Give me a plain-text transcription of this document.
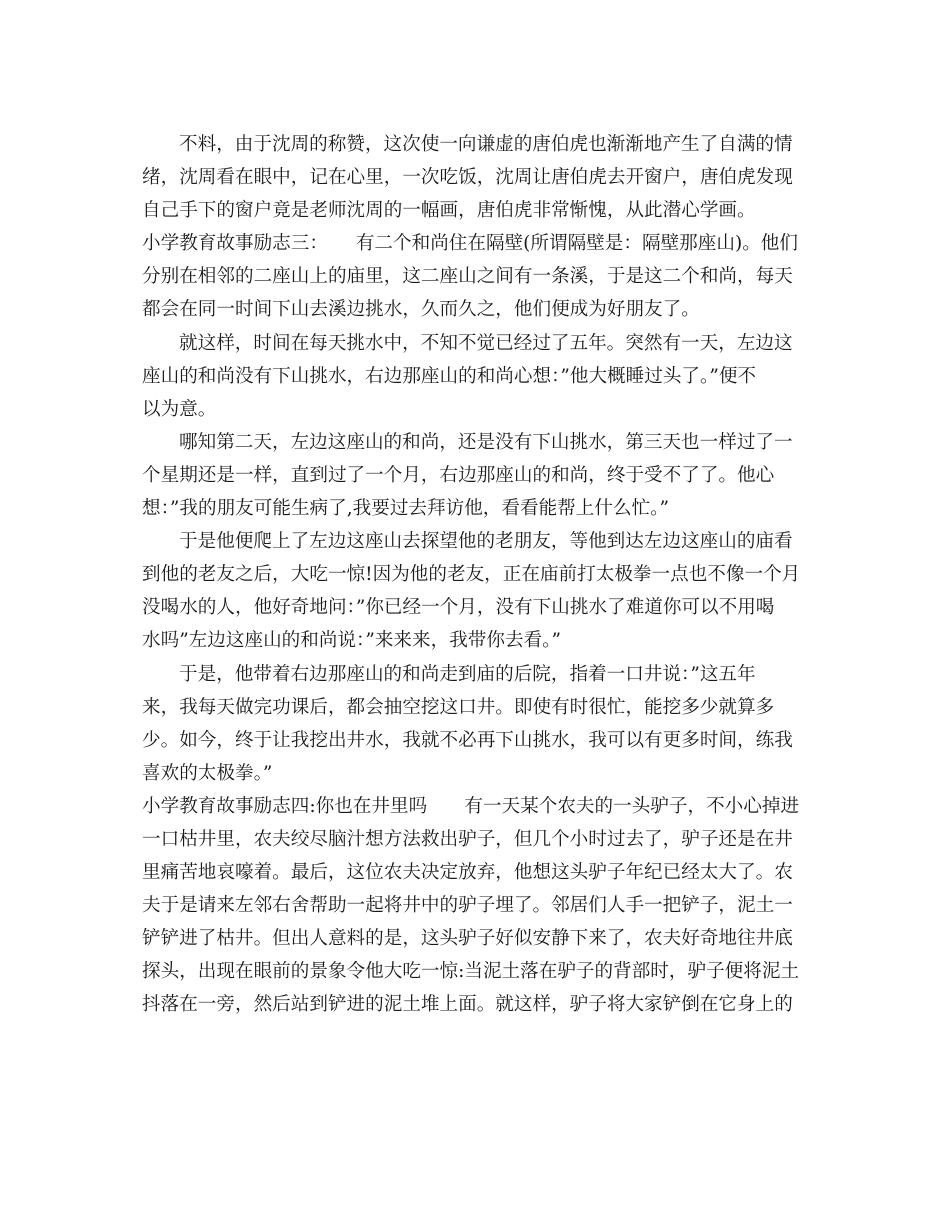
不料，由于沈周的称赞，这次使一向谦虚的唐伯虎也渐渐地产生了自满的情
绪，沈周看在眼中，记在心里，一次吃饭，沈周让唐伯虎去开窗户，唐伯虎发现
自己手下的窗户竟是老师沈周的一幅画，唐伯虎非常惭愧，从此潜心学画。
小学教育故事励志三：　　有二个和尚住在隔壁(所谓隔壁是：隔壁那座山)。他们
分别在相邻的二座山上的庙里，这二座山之间有一条溪，于是这二个和尚，每天
都会在同一时间下山去溪边挑水，久而久之，他们便成为好朋友了。
就这样，时间在每天挑水中，不知不觉已经过了五年。突然有一天，左边这
座山的和尚没有下山挑水，右边那座山的和尚心想：”他大概睡过头了。”便不
以为意。
哪知第二天，左边这座山的和尚，还是没有下山挑水，第三天也一样过了一
个星期还是一样，直到过了一个月，右边那座山的和尚，终于受不了了。他心
想：”我的朋友可能生病了,我要过去拜访他，看看能帮上什么忙。”
于是他便爬上了左边这座山去探望他的老朋友，等他到达左边这座山的庙看
到他的老友之后，大吃一惊!因为他的老友，正在庙前打太极拳一点也不像一个月
没喝水的人，他好奇地问：”你已经一个月，没有下山挑水了难道你可以不用喝
水吗”左边这座山的和尚说：”来来来，我带你去看。”
于是，他带着右边那座山的和尚走到庙的后院，指着一口井说：”这五年
来，我每天做完功课后，都会抽空挖这口井。即使有时很忙，能挖多少就算多
少。如今，终于让我挖出井水，我就不必再下山挑水，我可以有更多时间，练我
喜欢的太极拳。”
小学教育故事励志四:你也在井里吗　　有一天某个农夫的一头驴子，不小心掉进
一口枯井里，农夫绞尽脑汁想方法救出驴子，但几个小时过去了，驴子还是在井
里痛苦地哀嚎着。最后，这位农夫决定放弃，他想这头驴子年纪已经太大了。农
夫于是请来左邻右舍帮助一起将井中的驴子埋了。邻居们人手一把铲子，泥土一
铲铲进了枯井。但出人意料的是，这头驴子好似安静下来了，农夫好奇地往井底
探头，出现在眼前的景象令他大吃一惊:当泥土落在驴子的背部时，驴子便将泥土
抖落在一旁，然后站到铲进的泥土堆上面。就这样，驴子将大家铲倒在它身上的
